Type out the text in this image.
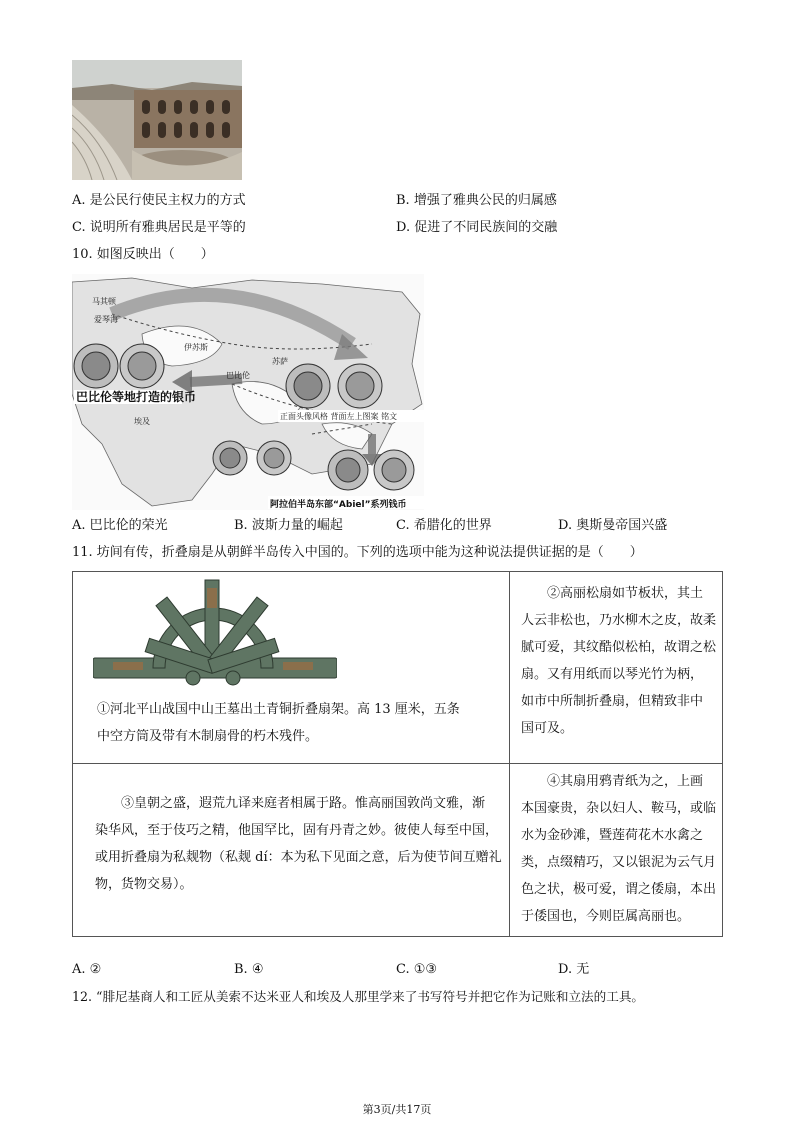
A. 是公民行使民主权力的方式	B. 增强了雅典公民的归属感
C. 说明所有雅典居民是平等的	D. 促进了不同民族间的交融
10. 如图反映出（　　）
巴比伦等地打造的银币
正面头像风格 背面左上图案 铭文
阿拉伯半岛东部“Abiel”系列钱币
巴比伦
伊苏斯
埃及
马其顿
爱琴海
苏萨
A. 巴比伦的荣光	B. 波斯力量的崛起	C. 希腊化的世界	D. 奥斯曼帝国兴盛
11. 坊间有传，折叠扇是从朝鲜半岛传入中国的。下列的选项中能为这种说法提供证据的是（　　）
①河北平山战国中山王墓出土青铜折叠扇架。高 13 厘米，五条
中空方筒及带有木制扇骨的朽木残件。
②高丽松扇如节板状，其土
人云非松也，乃水柳木之皮，故柔
腻可爱，其纹酷似松柏，故谓之松
扇。又有用纸而以琴光竹为柄，
如市中所制折叠扇，但精致非中
国可及。
③皇朝之盛，遐荒九译来庭者相属于路。惟高丽国敦尚文雅，渐
染华风，至于伎巧之精，他国罕比，固有丹青之妙。彼使人每至中国，
或用折叠扇为私觌物（私觌 dí：本为私下见面之意，后为使节间互赠礼
物，货物交易）。
④其扇用鸦青纸为之，上画
本国豪贵，杂以妇人、鞍马，或临
水为金砂滩，暨莲荷花木水禽之
类，点缀精巧，又以银泥为云气月
色之状，极可爱，谓之倭扇，本出
于倭国也，今则臣属高丽也。
A. ②	B. ④	C. ①③	D. 无
12. “腓尼基商人和工匠从美索不达米亚人和埃及人那里学来了书写符号并把它作为记账和立法的工具。
第3页/共17页
